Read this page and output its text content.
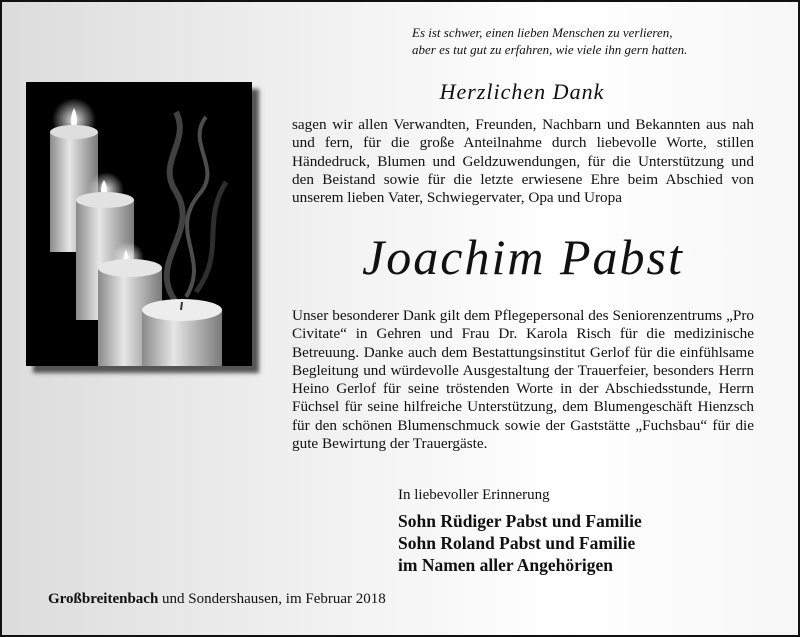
Es ist schwer, einen lieben Menschen zu verlieren,
aber es tut gut zu erfahren, wie viele ihn gern hatten.
Herzlichen Dank

sagen wir allen Verwandten, Freunden, Nachbarn und Bekannten aus nah und fern, für die große Anteilnahme durch liebevolle Worte, stillen Händedruck, Blumen und Geldzuwendungen, für die Unterstützung und den Beistand sowie für die letzte erwiesene Ehre beim Abschied von unserem lieben Vater, Schwiegervater, Opa und Uropa

Joachim Pabst

Unser besonderer Dank gilt dem Pflegepersonal des Seniorenzentrums „Pro Civitate“ in Gehren und Frau Dr. Karola Risch für die medizinische Betreuung. Danke auch dem Bestattungsinstitut Gerlof für die einfühlsame Begleitung und würdevolle Ausgestaltung der Trauerfeier, besonders Herrn Heino Gerlof für seine tröstenden Worte in der Abschiedsstunde, Herrn Füchsel für seine hilfreiche Unterstützung, dem Blumengeschäft Hienzsch für den schönen Blumenschmuck sowie der Gaststätte „Fuchsbau“ für die gute Bewirtung der Trauergäste.

In liebevoller Erinnerung
Sohn Rüdiger Pabst und Familie
Sohn Roland Pabst und Familie
im Namen aller Angehörigen
Großbreitenbach und Sondershausen, im Februar 2018
